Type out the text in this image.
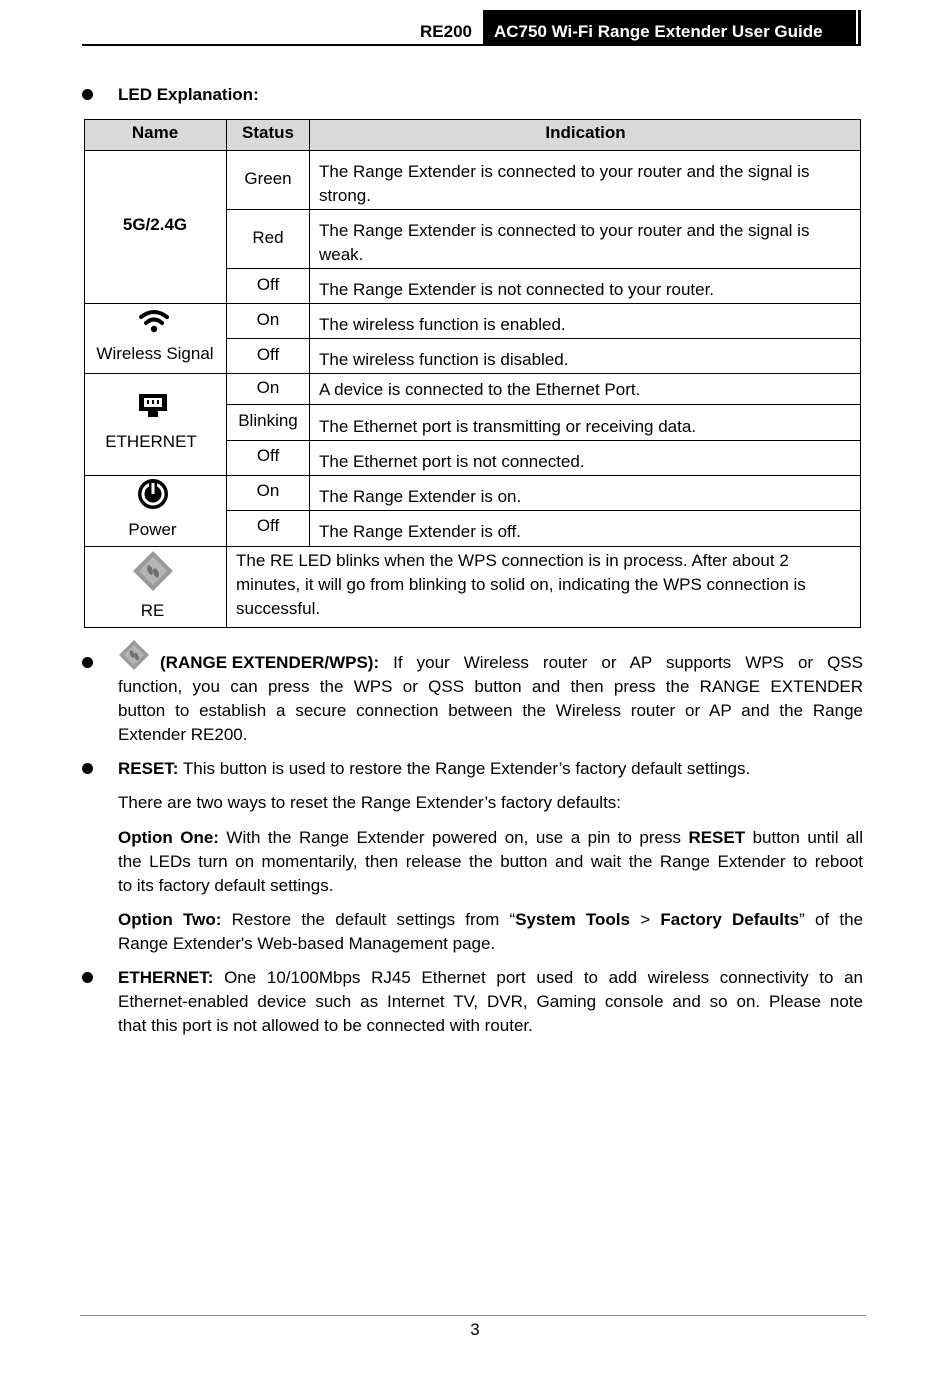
RE200 AC750 Wi-Fi Range Extender User Guide
LED Explanation:
Name	Status	Indication
5G/2.4G
Green	The Range Extender is connected to your router and the signal is
strong.
Red	The Range Extender is connected to your router and the signal is
weak.
Off	The Range Extender is not connected to your router.
Wireless Signal
On	The wireless function is enabled.
Off	The wireless function is disabled.
ETHERNET
On	A device is connected to the Ethernet Port.
Blinking	The Ethernet port is transmitting or receiving data.
Off	The Ethernet port is not connected.
Power
On	The Range Extender is on.
Off	The Range Extender is off.
RE
The RE LED blinks when the WPS connection is in process. After about 2
minutes, it will go from blinking to solid on, indicating the WPS connection is
successful.
(RANGE EXTENDER/WPS): If your Wireless router or AP supports WPS or QSS
function, you can press the WPS or QSS button and then press the RANGE EXTENDER
button to establish a secure connection between the Wireless router or AP and the Range
Extender RE200.
RESET: This button is used to restore the Range Extender’s factory default settings.
There are two ways to reset the Range Extender’s factory defaults:
Option One: With the Range Extender powered on, use a pin to press RESET button until all
the LEDs turn on momentarily, then release the button and wait the Range Extender to reboot
to its factory default settings.
Option Two: Restore the default settings from “System Tools > Factory Defaults” of the
Range Extender's Web-based Management page.
ETHERNET: One 10/100Mbps RJ45 Ethernet port used to add wireless connectivity to an
Ethernet-enabled device such as Internet TV, DVR, Gaming console and so on. Please note
that this port is not allowed to be connected with router.
3
